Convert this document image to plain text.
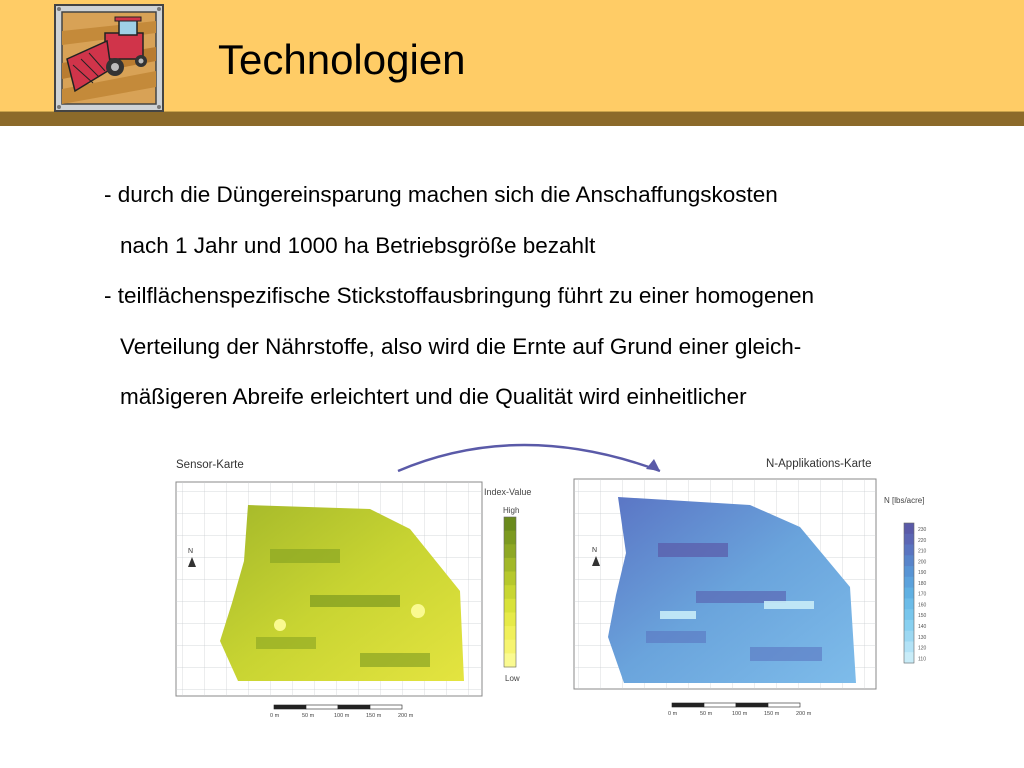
Technologien
- durch die Düngereinsparung machen sich die Anschaffungskosten
nach 1 Jahr und 1000 ha Betriebsgröße bezahlt
- teilflächenspezifische Stickstoffausbringung führt zu einer homogenen
Verteilung der Nährstoffe, also wird die Ernte auf Grund einer gleich-
mäßigeren Abreife erleichtert und die Qualität wird einheitlicher
Sensor-Karte
N
Index-Value
High
Low
N-Applikations-Karte
N
N [lbs/acre]
230
220
210
200
190
180
170
160
150
140
130
120
110
0 m	50 m	100 m	150 m	200 m	0 m	50 m	100 m	150 m	200 m
